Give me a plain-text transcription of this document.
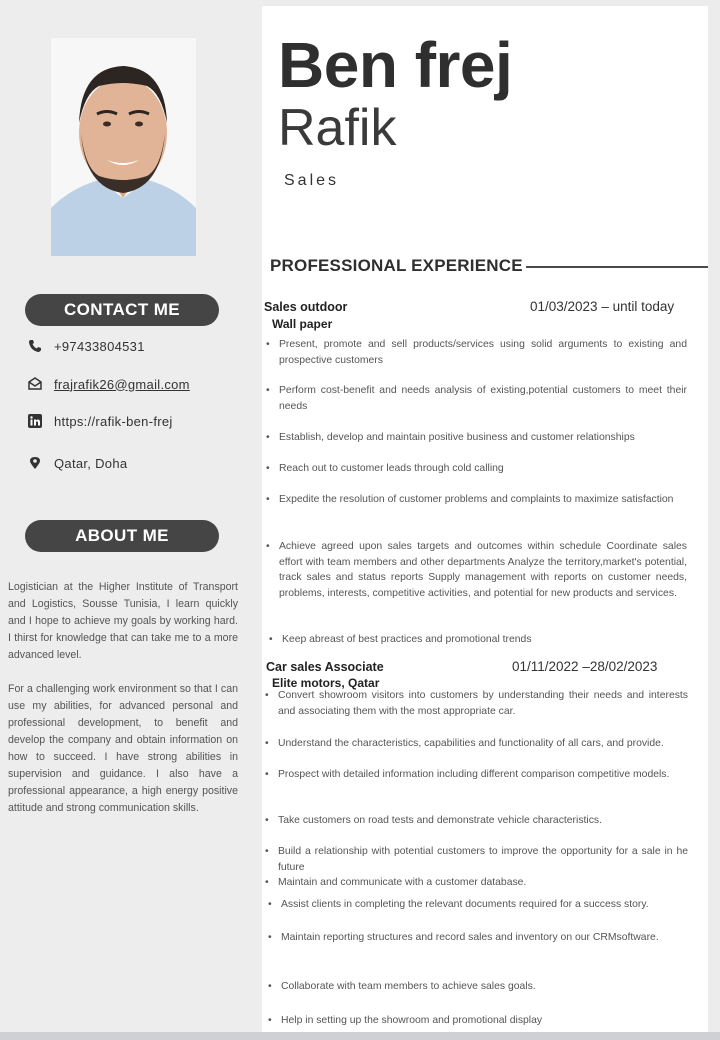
CONTACT ME
+97433804531
frajrafik26@gmail.com
https://rafik-ben-frej
Qatar, Doha
ABOUT ME
Logistician at the Higher Institute of Transport and Logistics, Sousse Tunisia, I learn quickly and I hope to achieve my goals by working hard. I thirst for knowledge that can take me to a more advanced level.
For a challenging work environment so that I can use my abilities, for advanced personal and professional development, to benefit and develop the company and obtain information on how to succeed. I have strong abilities in supervision and guidance. I also have a professional appearance, a high energy positive attitude and strong communication skills.
Ben frej
Rafik
Sales
PROFESSIONAL EXPERIENCE
Sales outdoor
Wall paper
01/03/2023 – until today
• Present, promote and sell products/services using solid arguments to existing and prospective customers
• Perform cost-benefit and needs analysis of existing,potential customers to meet their needs
• Establish, develop and maintain positive business and customer relationships
• Reach out to customer leads through cold calling
• Expedite the resolution of customer problems and complaints to maximize satisfaction
• Achieve agreed upon sales targets and outcomes within schedule Coordinate sales effort with team members and other departments Analyze the territory,market's potential, track sales and status reports Supply management with reports on customer needs, problems, interests, competitive activities, and potential for new products and services.
• Keep abreast of best practices and promotional trends
Car sales Associate
Elite motors, Qatar
01/11/2022 –28/02/2023
• Convert showroom visitors into customers by understanding their needs and interests and associating them with the most appropriate car.
• Understand the characteristics, capabilities and functionality of all cars, and provide.
• Prospect with detailed information including different comparison competitive models.
• Take customers on road tests and demonstrate vehicle characteristics.
• Build a relationship with potential customers to improve the opportunity for a sale in he future
• Maintain and communicate with a customer database.
• Assist clients in completing the relevant documents required for a success story.
• Maintain reporting structures and record sales and inventory on our CRMsoftware.
• Collaborate with team members to achieve sales goals.
• Help in setting up the showroom and promotional display
